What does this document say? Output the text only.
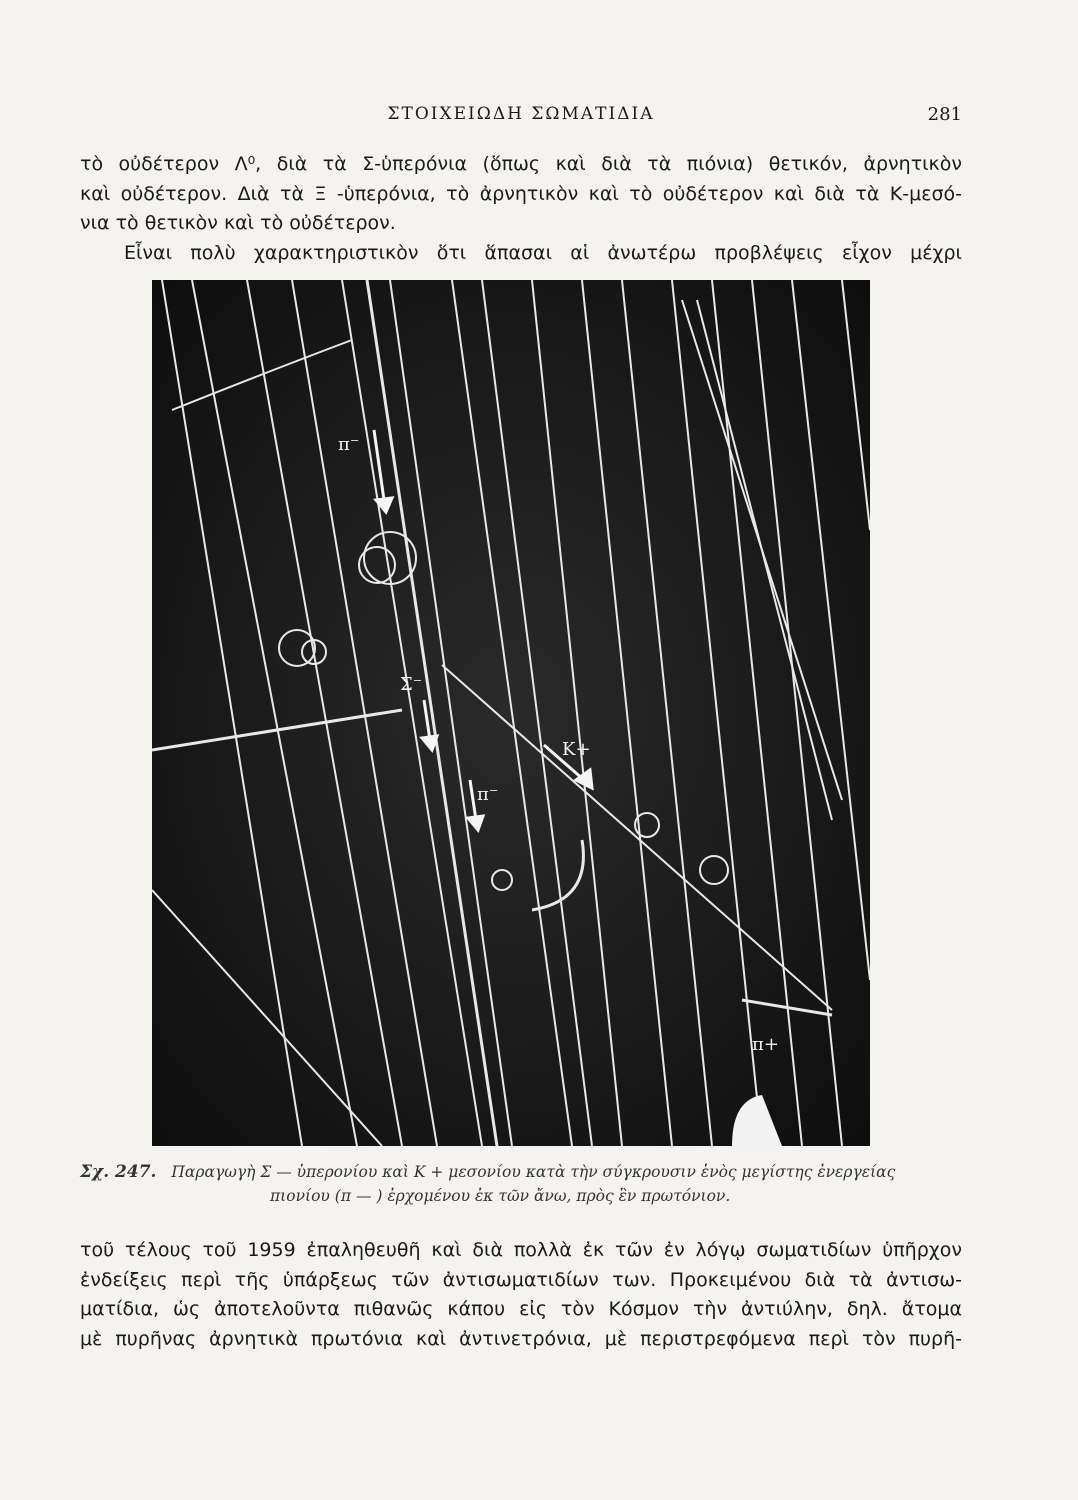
ΣΤΟΙΧΕΙΩΔΗ ΣΩΜΑΤΙΔΙΑ	281

τὸ οὐδέτερον Λ⁰, διὰ τὰ Σ-ὑπερόνια (ὅπως καὶ διὰ τὰ πιόνια) θετικόν, ἀρνητικὸν

καὶ οὐδέτερον. Διὰ τὰ Ξ -ὑπερόνια, τὸ ἀρνητικὸν καὶ τὸ οὐδέτερον καὶ διὰ τὰ Κ-μεσό-

νια τὸ θετικὸν καὶ τὸ οὐδέτερον.

Εἶναι πολὺ χαρακτηριστικὸν ὅτι ἅπασαι αἱ ἀνωτέρω προβλέψεις εἶχον μέχρι

π⁻
Σ⁻
K+
π⁻
π+
Σχ. 247. Παραγωγὴ Σ — ὑπερονίου καὶ K + μεσονίου κατὰ τὴν σύγκρουσιν ἑνὸς μεγίστης ἐνεργείας
πιονίου (π — ) ἐρχομένου ἐκ τῶν ἄνω, πρὸς ἓν πρωτόνιον.

τοῦ τέλους τοῦ 1959 ἐπαληθευθῆ καὶ διὰ πολλὰ ἐκ τῶν ἐν λόγῳ σωματιδίων ὑπῆρχον

ἐνδείξεις περὶ τῆς ὑπάρξεως τῶν ἀντισωματιδίων των. Προκειμένου διὰ τὰ ἀντισω-

ματίδια, ὡς ἀποτελοῦντα πιθανῶς κάπου εἰς τὸν Κόσμον τὴν ἀντιύλην, δηλ. ἄτομα

μὲ πυρῆνας ἀρνητικὰ πρωτόνια καὶ ἀντινετρόνια, μὲ περιστρεφόμενα περὶ τὸν πυρῆ-
